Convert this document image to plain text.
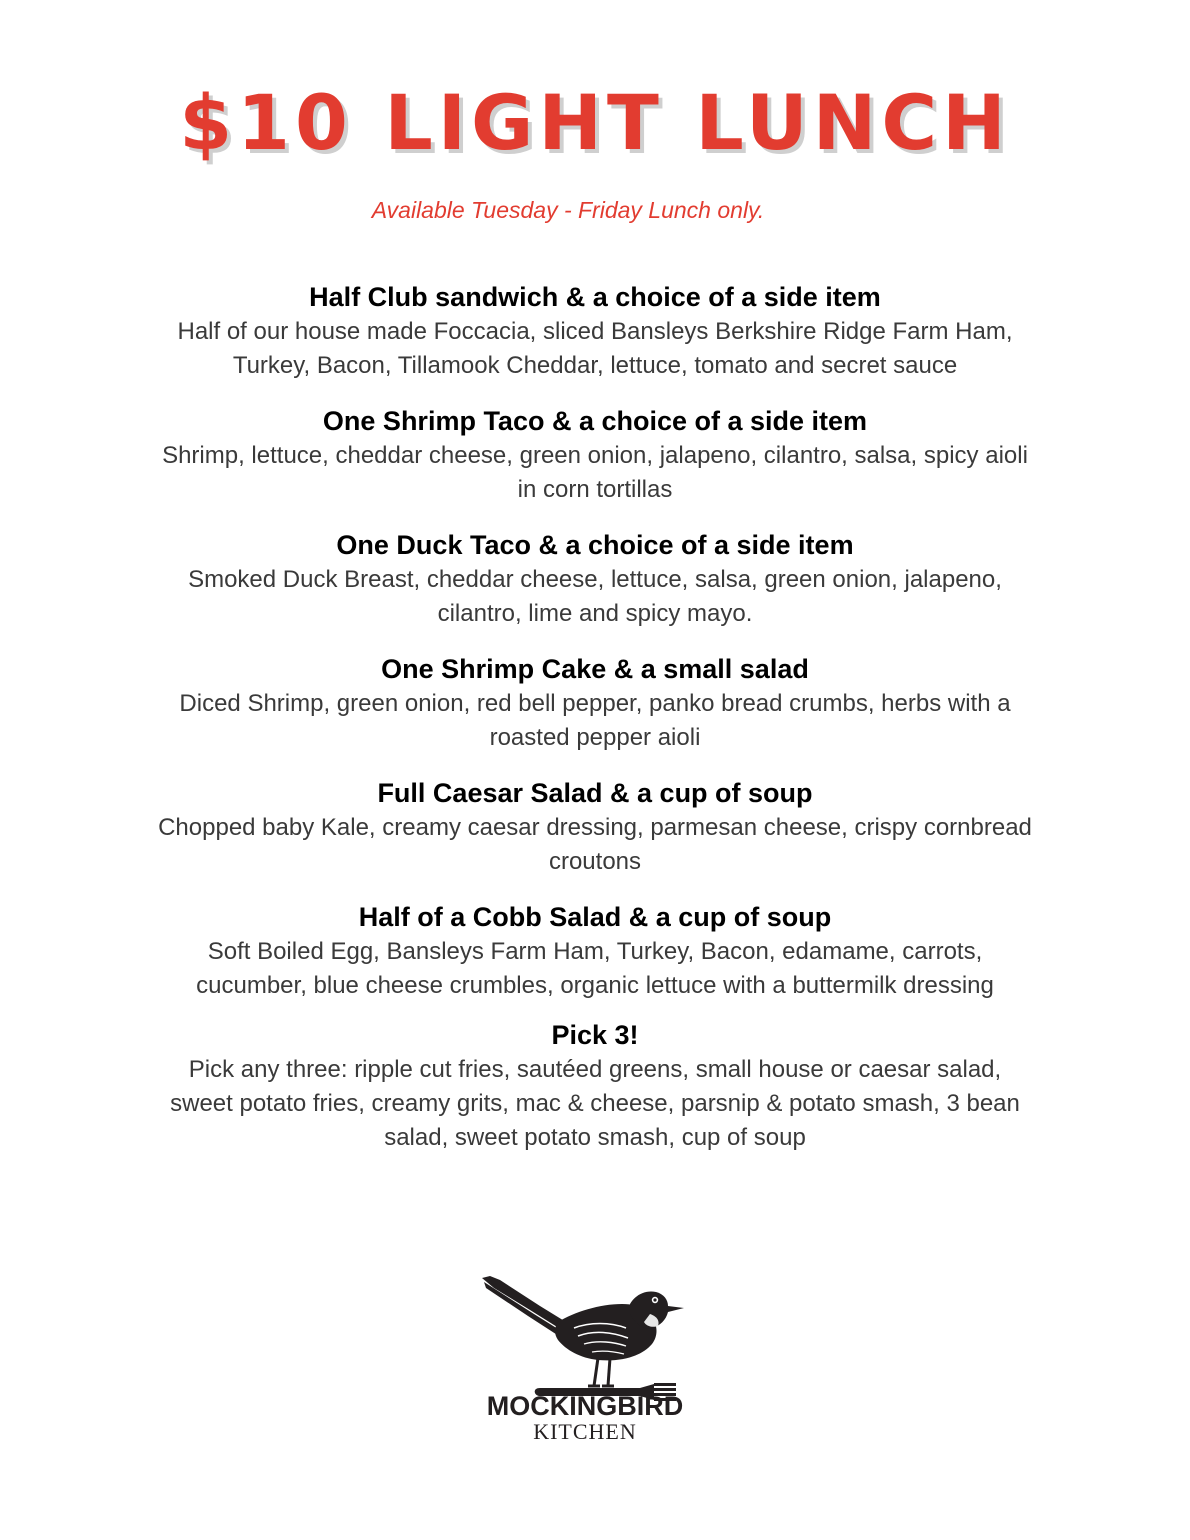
$10 LIGHT LUNCH

Available Tuesday - Friday Lunch only.

Half Club sandwich & a choice of a side item

Half of our house made Foccacia, sliced Bansleys Berkshire Ridge Farm Ham,
Turkey, Bacon, Tillamook Cheddar, lettuce, tomato and secret sauce

One Shrimp Taco & a choice of a side item

Shrimp, lettuce, cheddar cheese, green onion, jalapeno, cilantro, salsa, spicy aioli
in corn tortillas

One Duck Taco & a choice of a side item

Smoked Duck Breast, cheddar cheese, lettuce, salsa, green onion, jalapeno,
cilantro, lime and spicy mayo.

One Shrimp Cake & a small salad

Diced Shrimp, green onion, red bell pepper, panko bread crumbs, herbs with a
roasted pepper aioli

Full Caesar Salad & a cup of soup

Chopped baby Kale, creamy caesar dressing, parmesan cheese, crispy cornbread
croutons

Half of a Cobb Salad & a cup of soup

Soft Boiled Egg, Bansleys Farm Ham, Turkey, Bacon, edamame, carrots,
cucumber, blue cheese crumbles, organic lettuce with a buttermilk dressing

Pick 3!

Pick any three: ripple cut fries, sautéed greens, small house or caesar salad,
sweet potato fries, creamy grits, mac & cheese, parsnip & potato smash, 3 bean
salad, sweet potato smash, cup of soup

MOCKINGBIRD

KITCHEN
